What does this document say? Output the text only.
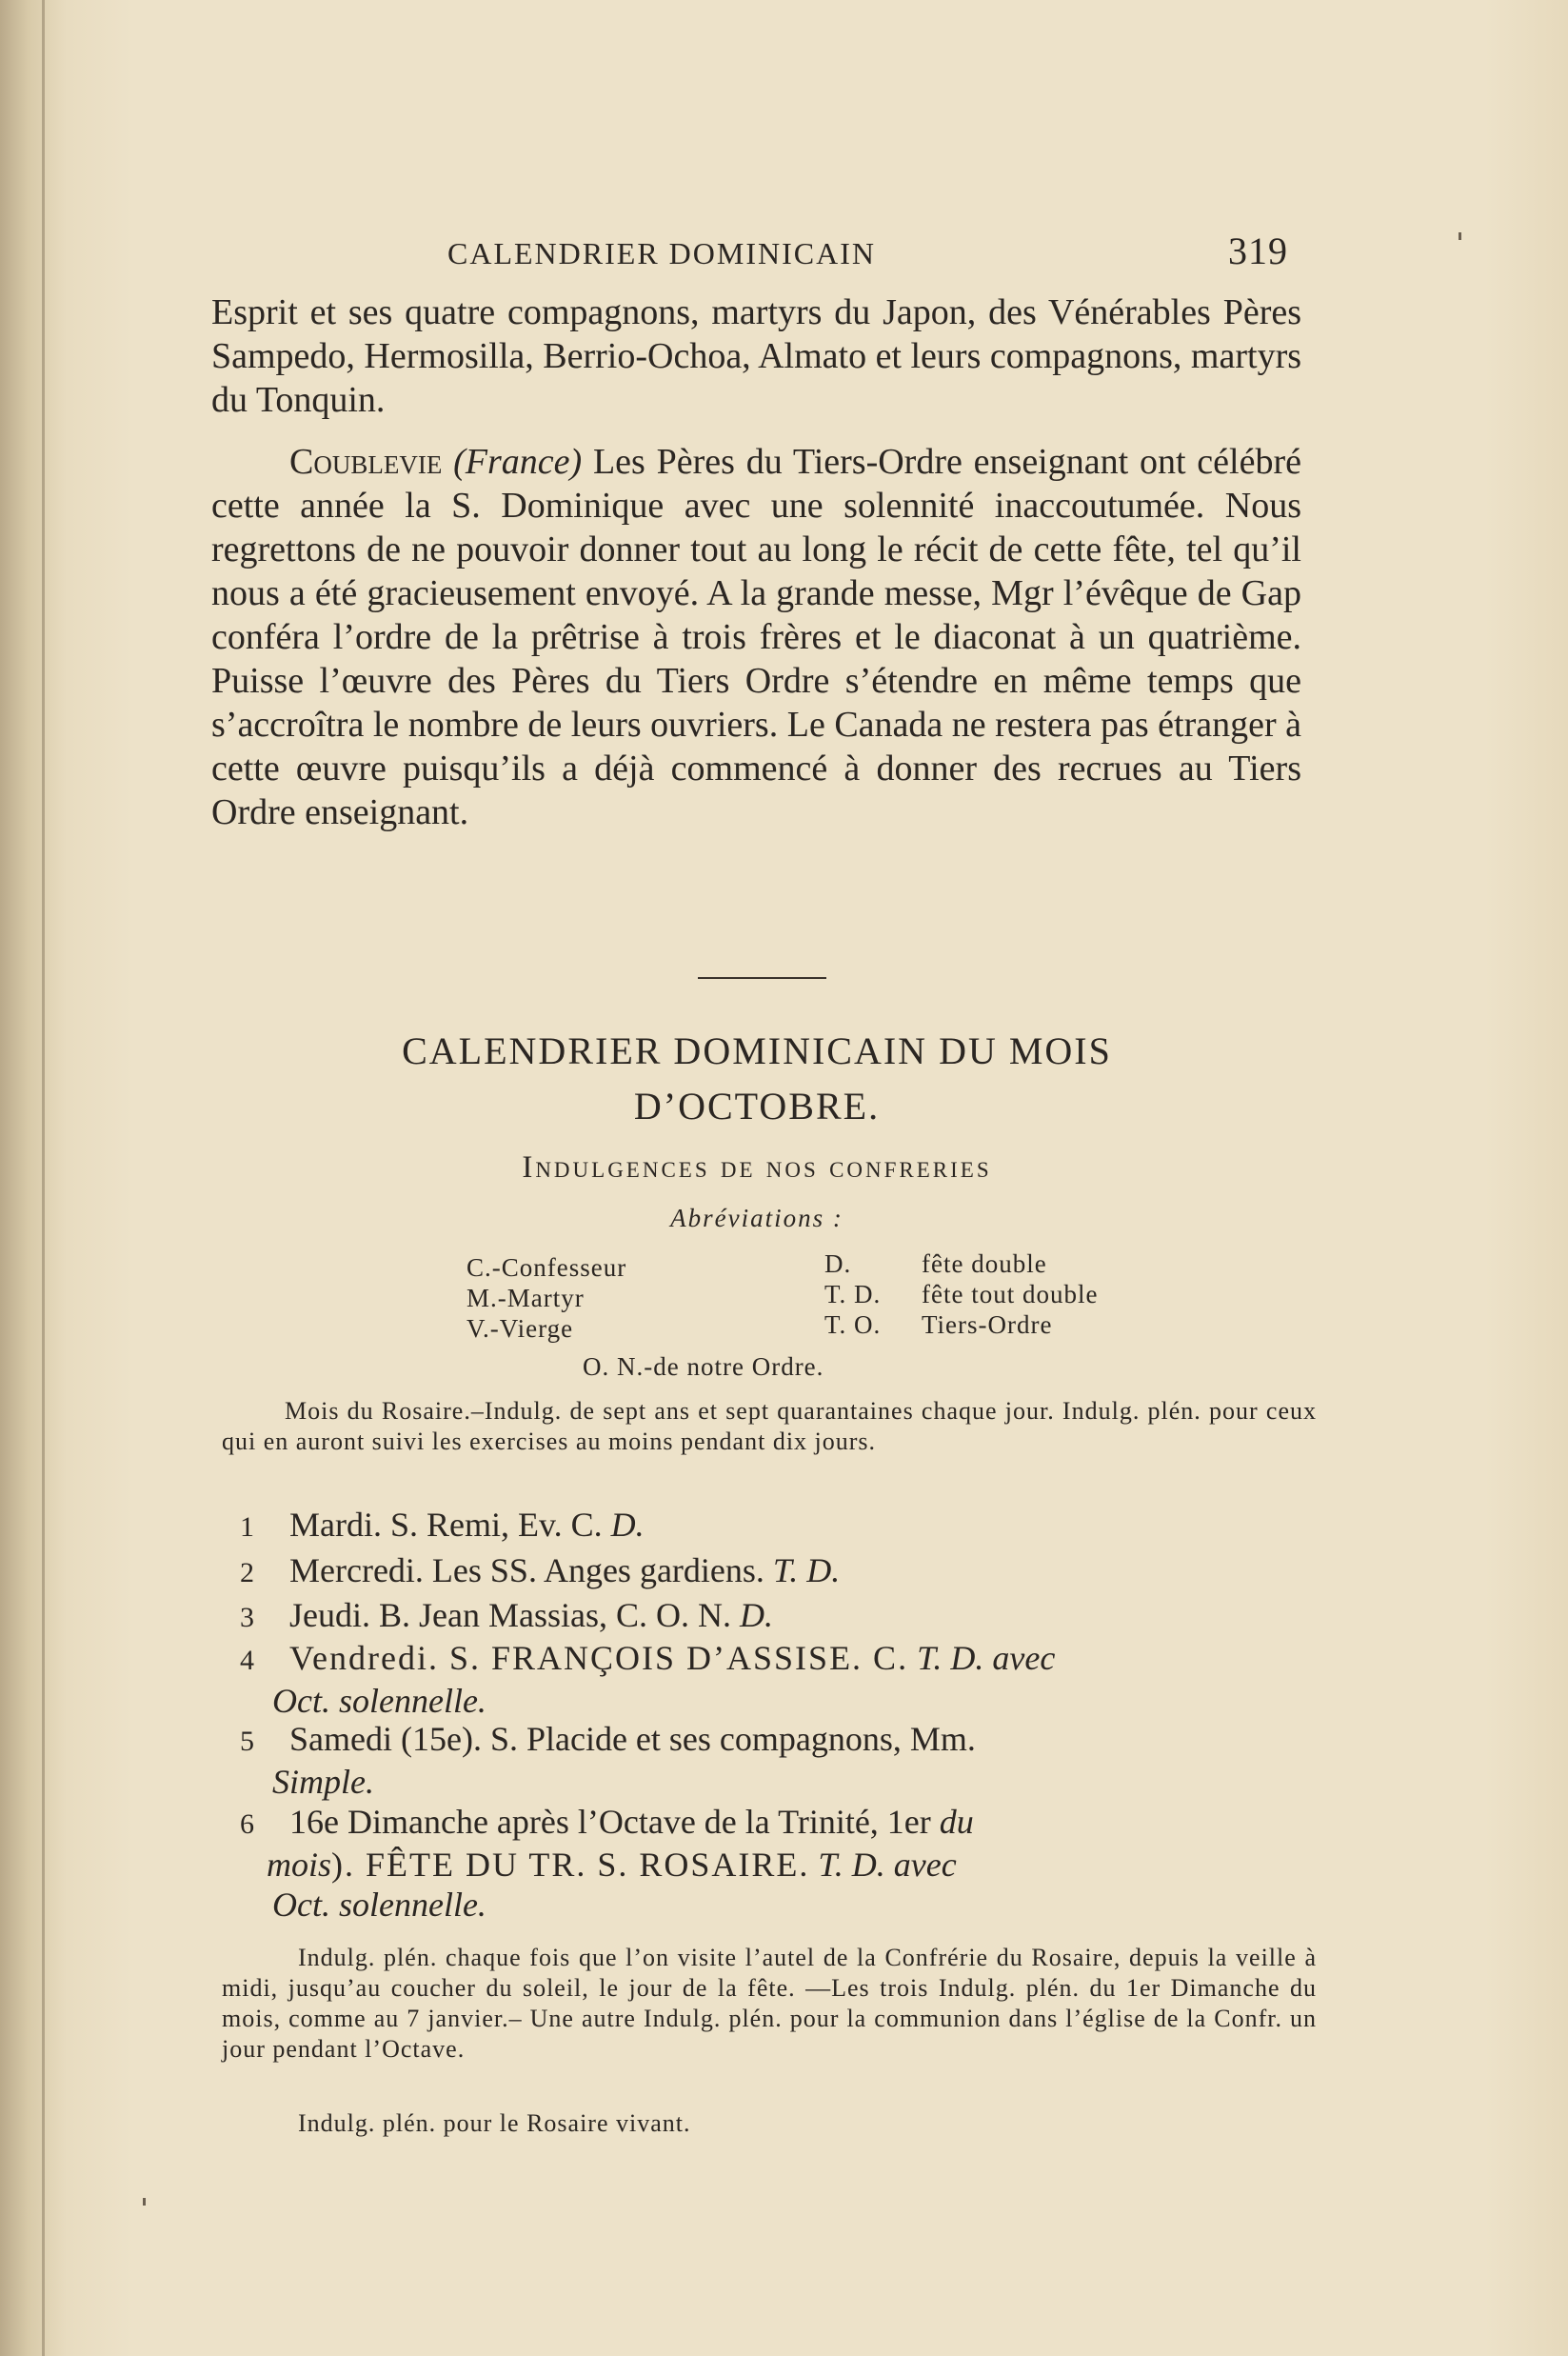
CALENDRIER DOMINICAIN	319
Esprit et ses quatre compagnons, martyrs du Japon, des Vénérables Pères Sampedo, Hermosilla, Berrio-Ochoa, Almato et leurs compagnons, martyrs du Tonquin.
Coublevie (France) Les Pères du Tiers-Ordre enseignant ont célébré cette année la S. Dominique avec une solennité inaccoutumée. Nous regrettons de ne pouvoir donner tout au long le récit de cette fête, tel qu’il nous a été gracieusement envoyé. A la grande messe, Mgr l’évêque de Gap conféra l’ordre de la prêtrise à trois frères et le diaconat à un quatrième. Puisse l’œuvre des Pères du Tiers Ordre s’étendre en même temps que s’accroîtra le nombre de leurs ouvriers. Le Canada ne restera pas étranger à cette œuvre puisqu’ils a déjà commencé à donner des recrues au Tiers Ordre enseignant.
CALENDRIER DOMINICAIN DU MOIS
D’OCTOBRE.
Indulgences de nos confreries
Abréviations :
C.-Confesseur
M.-Martyr
V.-Vierge
D.
T. D.
T. O.
fête double
fête tout double
Tiers-Ordre
O. N.-de notre Ordre.
Mois du Rosaire.–Indulg. de sept ans et sept quarantaines chaque jour. Indulg. plén. pour ceux qui en auront suivi les exercises au moins pendant dix jours.
1 Mardi. S. Remi, Ev. C. D.
2 Mercredi. Les SS. Anges gardiens. T. D.
3 Jeudi. B. Jean Massias, C. O. N. D.
4 Vendredi. S. FRANÇOIS D’ASSISE. C. T. D. avec
Oct. solennelle.
5 Samedi (15e). S. Placide et ses compagnons, Mm.
Simple.
6 16e Dimanche après l’Octave de la Trinité, 1er du
mois). FÊTE DU TR. S. ROSAIRE. T. D. avec
Oct. solennelle.
Indulg. plén. chaque fois que l’on visite l’autel de la Confrérie du Rosaire, depuis la veille à midi, jusqu’au coucher du soleil, le jour de la fête. —Les trois Indulg. plén. du 1er Dimanche du mois, comme au 7 janvier.– Une autre Indulg. plén. pour la communion dans l’église de la Confr. un jour pendant l’Octave.
Indulg. plén. pour le Rosaire vivant.
